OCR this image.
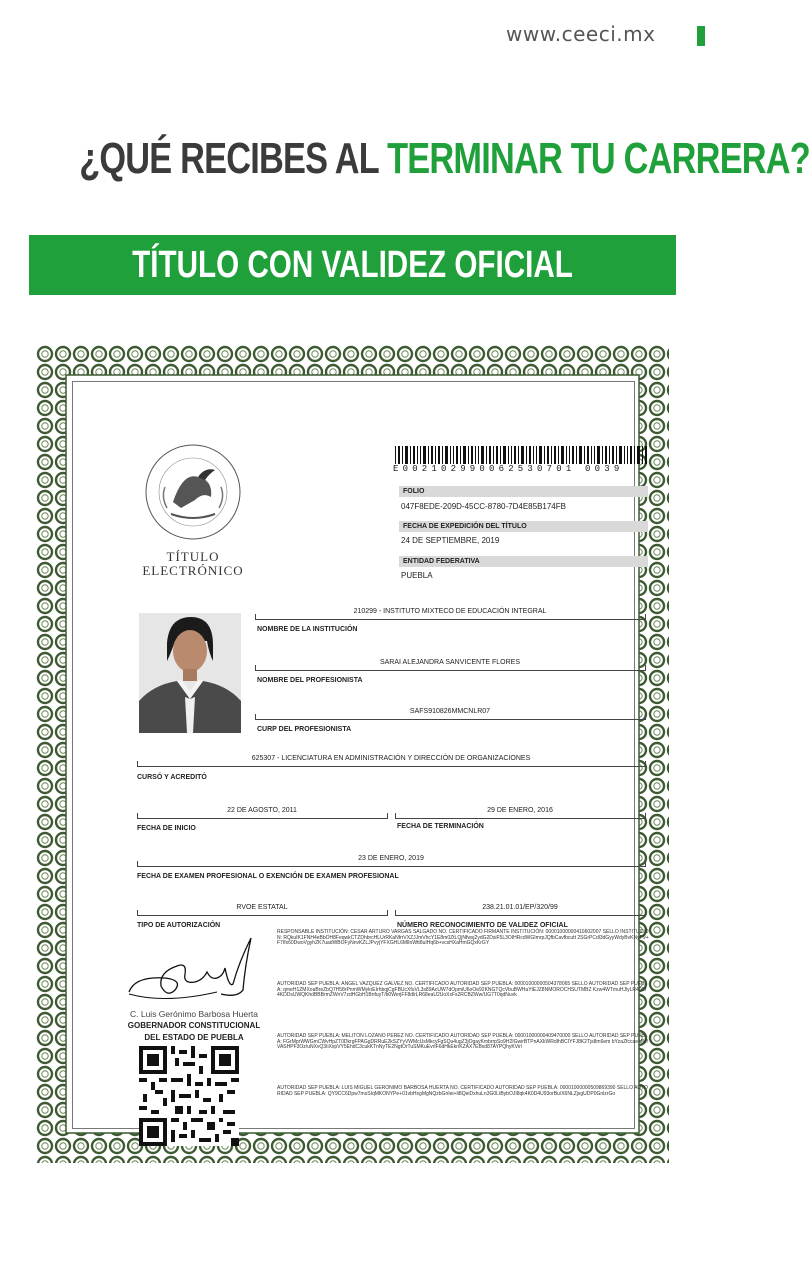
www.ceeci.mx
¿QUÉ RECIBES AL TERMINAR TU CARRERA?
TÍTULO CON VALIDEZ OFICIAL
TÍTULO
ELECTRÓNICO
E002102990062530701 0039
FOLIO
047F8EDE-209D-45CC-8780-7D4E85B174FB
FECHA DE EXPEDICIÓN DEL TÍTULO
24 DE SEPTIEMBRE, 2019
ENTIDAD FEDERATIVA
PUEBLA
210299 - INSTITUTO MIXTECO DE EDUCACIÓN INTEGRAL
NOMBRE DE LA INSTITUCIÓN
SARAI ALEJANDRA SANVICENTE FLORES
NOMBRE DEL PROFESIONISTA
SAFS910826MMCNLR07
CURP DEL PROFESIONISTA
625307 - LICENCIATURA EN ADMINISTRACIÓN Y DIRECCIÓN DE ORGANIZACIONES
CURSÓ Y ACREDITÓ
22 DE AGOSTO, 2011
FECHA DE INICIO
29 DE ENERO, 2016
FECHA DE TERMINACIÓN
23 DE ENERO, 2019
FECHA DE EXAMEN PROFESIONAL O EXENCIÓN DE EXAMEN PROFESIONAL
RVOE ESTATAL
TIPO DE AUTORIZACIÓN
238.21.01.01/EP/320/99
NÚMERO RECONOCIMIENTO DE VALIDEZ OFICIAL
C. Luis Gerónimo Barbosa Huerta
GOBERNADOR CONSTITUCIONAL
DEL ESTADO DE PUEBLA
RESPONSABLE INSTITUCIÓN: CESAR ARTURO VARGAS SALGADO NO. CERTIFICADO FIRMANTE INSTITUCIÓN: 00001000000410602007 SELLO INSTITUCIÓN: RQkuIK1FNH4eBbOH8FeqwkCTZDhbrcHLUrRKaNfrrVXZJJmVhcY1E8m0ZtLQjNfwsj2ydG2DsiF5L3OIHRcdWGImrpJQfbCavfbcutt 2SGrPCdl3dGyyWdyBvKNyP9+F7Ifx60DwoVgyhZK7uadWBOFyNnvKZLJPvyjYFXGHL6MlInWtt8uIHq6b+vcsHXaHmGQxKrGY
AUTORIDAD SEP PUEBLA: ANGEL VAZQUEZ GALVEZ NO. CERTIFICADO AUTORIDAD SEP PUEBLA: 00001000000504378065 SELLO AUTORIDAD SEP PUEBLA: qmeH1ZMXoaBreZbQ7H58rPnmWMykrEIrhbqjCgFBUcXfuVL3s89AcUW7dOpmiU6oOe92KNGTQcVbuBWHaYtEJZ8NMOROCHSUTMBZ Kzw4WTmuHJlyLR40Bf4KDDsUWQKhdBBBrmZWnV7zdHGbH1BnfuyT/b0WerjFF8dlrLR68eaU2UoXxFs2RCBZWw/UG7T0qdNuvk
AUTORIDAD SEP PUEBLA: MELITON LOZANO PEREZ NO. CERTIFICADO AUTORIDAD SEP PUEBLA: 00001000000409470000 SELLO AUTORIDAD SEP PUEBLA: FGrMprWWGmCWvHpZT0DkrgFPAGgDRRuE2kSZYyVWMcUsMkcyFgSQu4ugZ3jOgayKmbrrpSo9H2IGwirBTPnAXkWRdIhBCIYFJ8K2Tjs8m6em bYzaZfccaeMMfVASHPF3Oz/uNXvQ3IiXxpVY5EhdC3cukKTnNyTE2NgtOrTuSMKuEvrIF6dHkEkr/KZAX7EBxd87AYPQhyKVirl
AUTORIDAD SEP PUEBLA: LUIS MIGUEL GERONIMO BARBOSA HUERTA NO. CERTIFICADO AUTORIDAD SEP PUEBLA: 00001000000509869390 SELLO AUTORIDAD SEP PUEBLA: QY9CC6Dpw7msSIqMKONYPe+01vbHsgMgNQzbGnIei+Ii8QeiDxhuLn3G0LtBybOJI8qk4K0D4U93orBu/X6NLZjxgUDP0GnlzrGo
